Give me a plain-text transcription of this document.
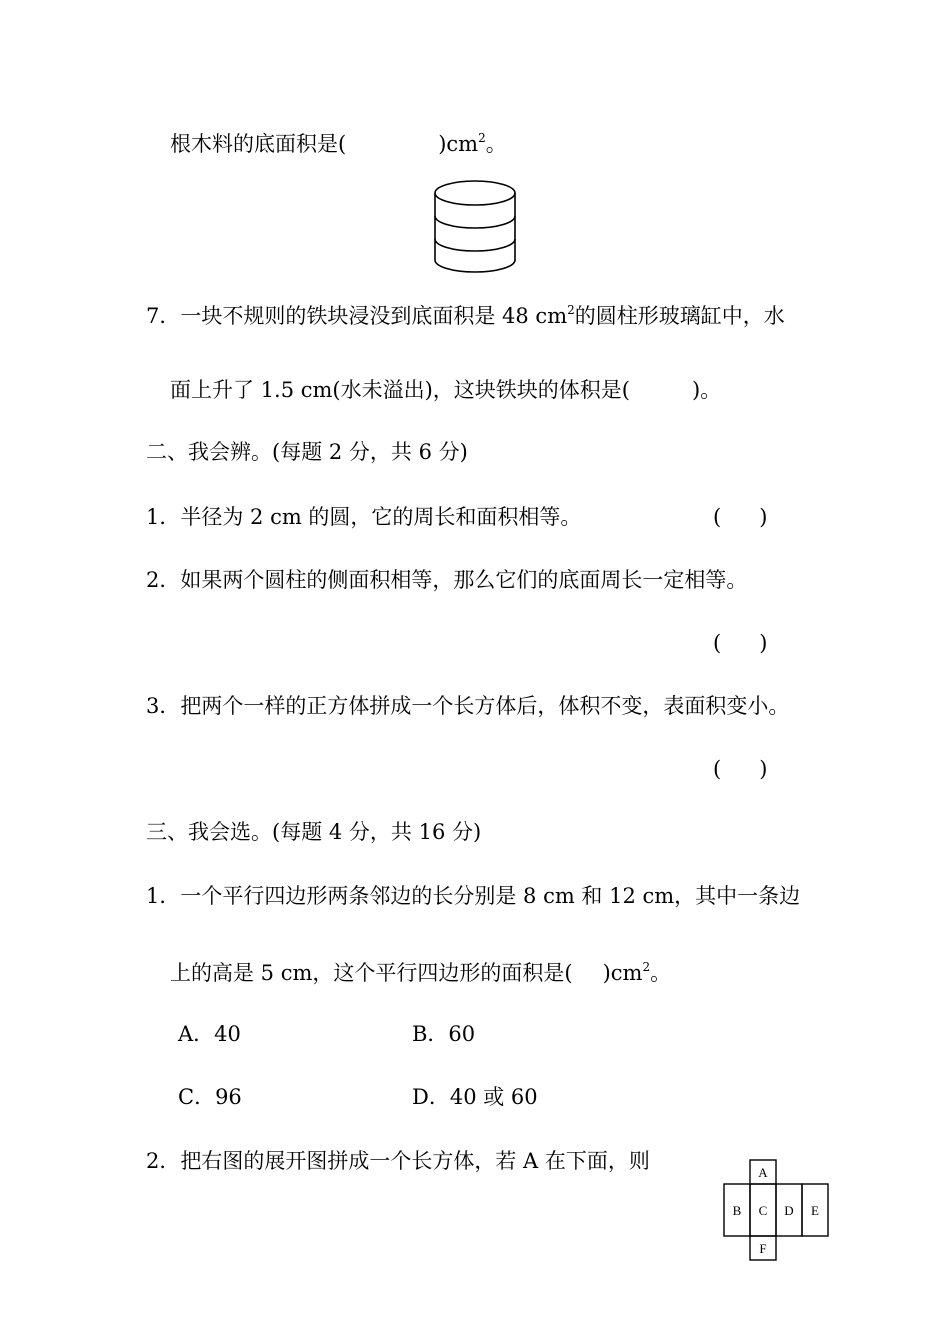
根木料的底面积是(	)$cm^2$。
7．一块不规则的铁块浸没到底面积是 48 $cm^2$的圆柱形玻璃缸中，水
面上升了 1.5 cm(水未溢出)，这块铁块的体积是(	)。
二、我会辨。(每题 2 分，共 6 分)
1．半径为 2 cm 的圆，它的周长和面积相等。	( )
2．如果两个圆柱的侧面积相等，那么它们的底面周长一定相等。
( )
3．把两个一样的正方体拼成一个长方体后，体积不变，表面积变小。
( )
三、我会选。(每题 4 分，共 16 分)
1．一个平行四边形两条邻边的长分别是 8 cm 和 12 cm，其中一条边
上的高是 5 cm，这个平行四边形的面积是( )$cm^2$。
A．40	B．60
C．96	D．40 或 60
2．把右图的展开图拼成一个长方体，若 A 在下面，则	A
B C D E
F
